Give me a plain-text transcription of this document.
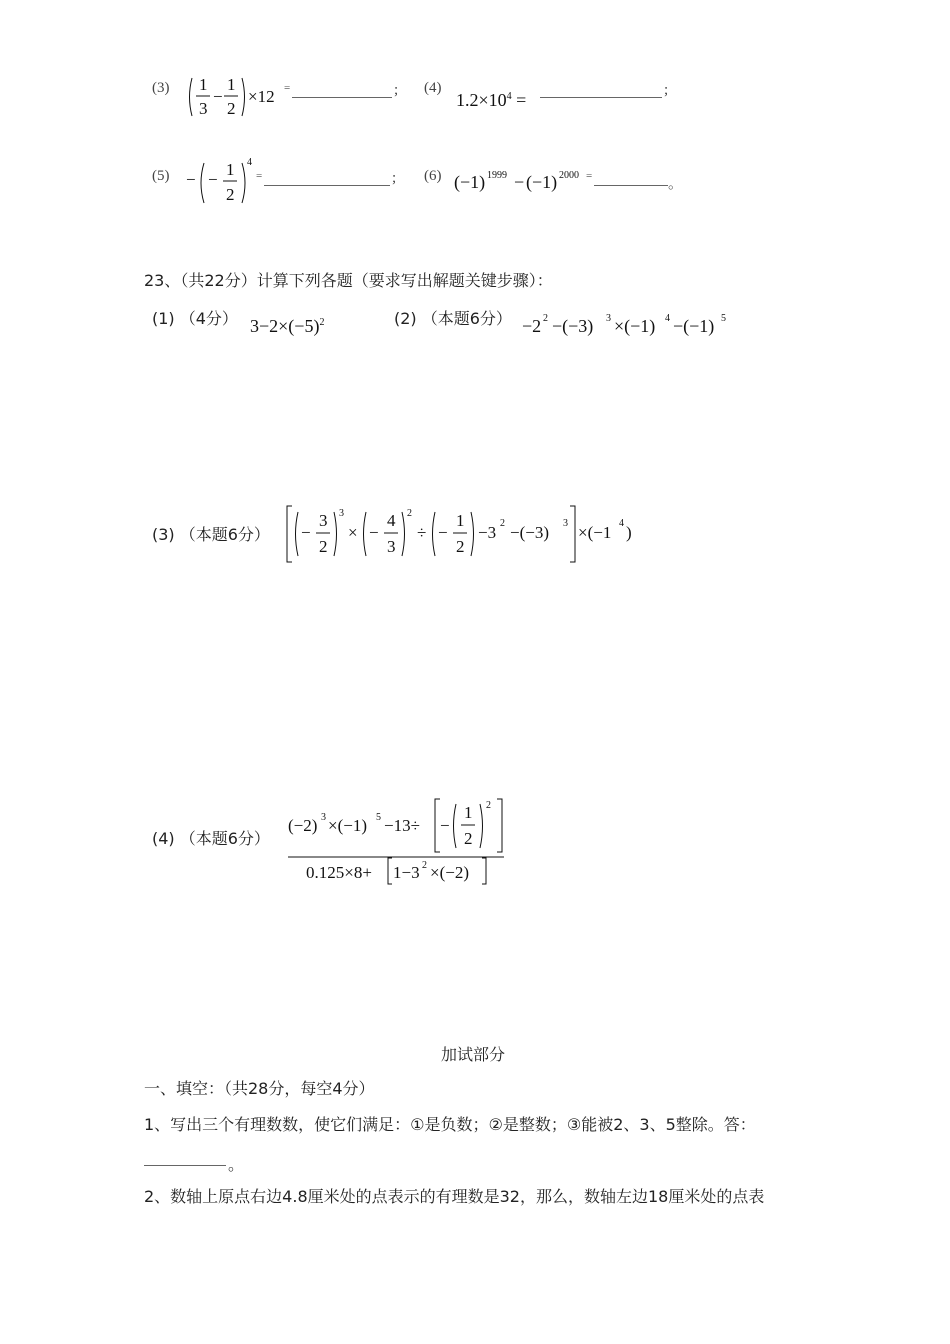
(3) 1
3
−
1
2
×12 =	; (4)
$1.2\times 10^4$ =	;
(5) − −
1
2
4
=	; (6) (−1) 1999 − (−1) 2000 =	。
23、（共22分）计算下列各题（要求写出解题关键步骤）：
(1) （4分） $3-2\times(-5)^2$	(2) （本题6分） −2 2 −(−3) 3 ×(−1) 4 −(−1) 5
(3) （本题6分） −
3
2
3
× −
4
3
2
÷ −
1
2
−3 2 −(−3) 3 ×(−1 4 )
(4) （本题6分）
(−2) 3 ×(−1) 5 −13÷ −
1
2
2
0.125×8+ 1−3 2 ×(−2)
加试部分
一、填空：（共28分，每空4分）
1、写出三个有理数数，使它们满足：①是负数；②是整数；③能被2、3、5整除。答：
。
2、数轴上原点右边4.8厘米处的点表示的有理数是32，那么，数轴左边18厘米处的点表
